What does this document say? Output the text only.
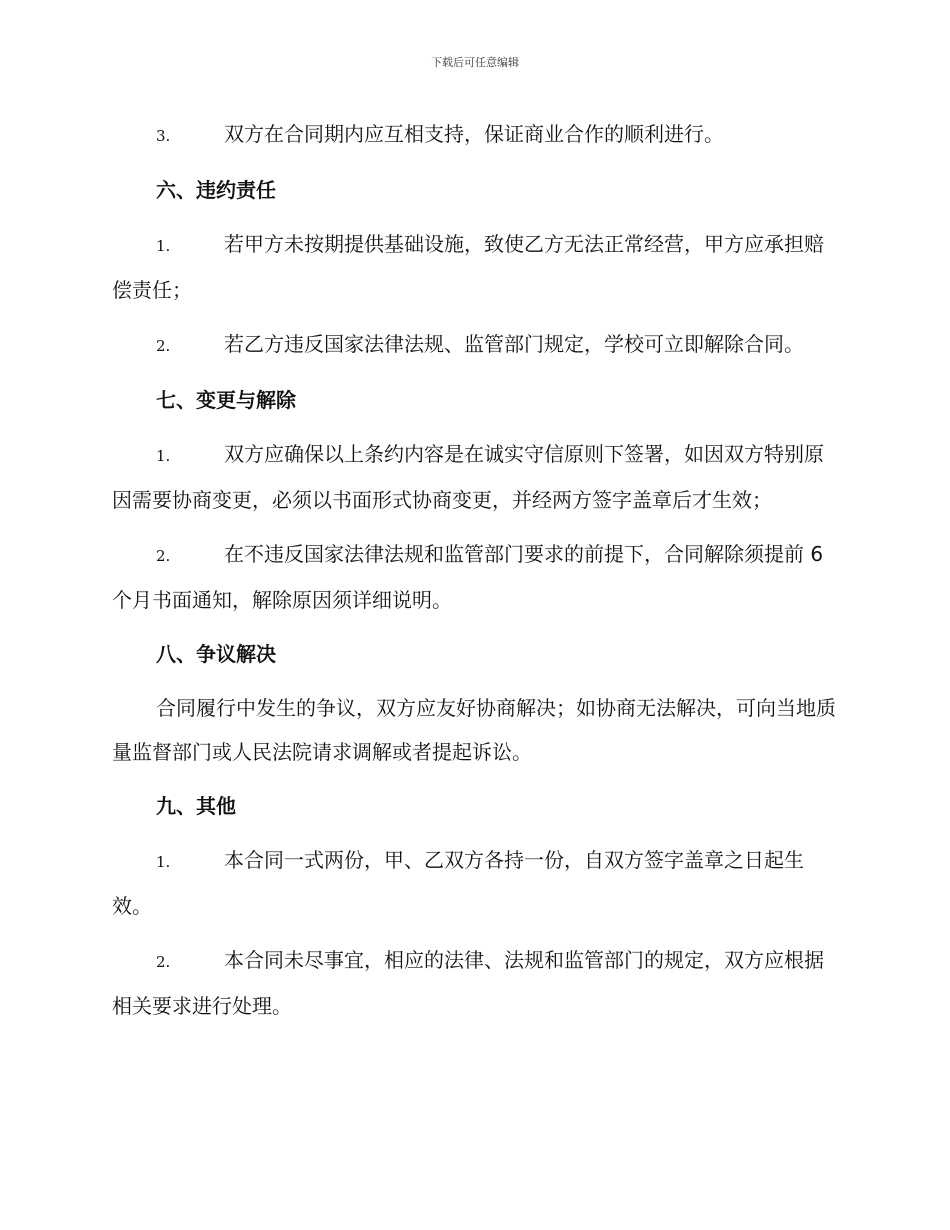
下载后可任意编辑
3.	双方在合同期内应互相支持，保证商业合作的顺利进行。
六、违约责任
1.	若甲方未按期提供基础设施，致使乙方无法正常经营，甲方应承担赔偿责任；
2.	若乙方违反国家法律法规、监管部门规定，学校可立即解除合同。
七、变更与解除
1.	双方应确保以上条约内容是在诚实守信原则下签署，如因双方特别原因需要协商变更，必须以书面形式协商变更，并经两方签字盖章后才生效；
2.	在不违反国家法律法规和监管部门要求的前提下，合同解除须提前 6 个月书面通知，解除原因须详细说明。
八、争议解决
合同履行中发生的争议，双方应友好协商解决；如协商无法解决，可向当地质量监督部门或人民法院请求调解或者提起诉讼。
九、其他
1.	本合同一式两份，甲、乙双方各持一份，自双方签字盖章之日起生效。
2.	本合同未尽事宜，相应的法律、法规和监管部门的规定，双方应根据相关要求进行处理。
